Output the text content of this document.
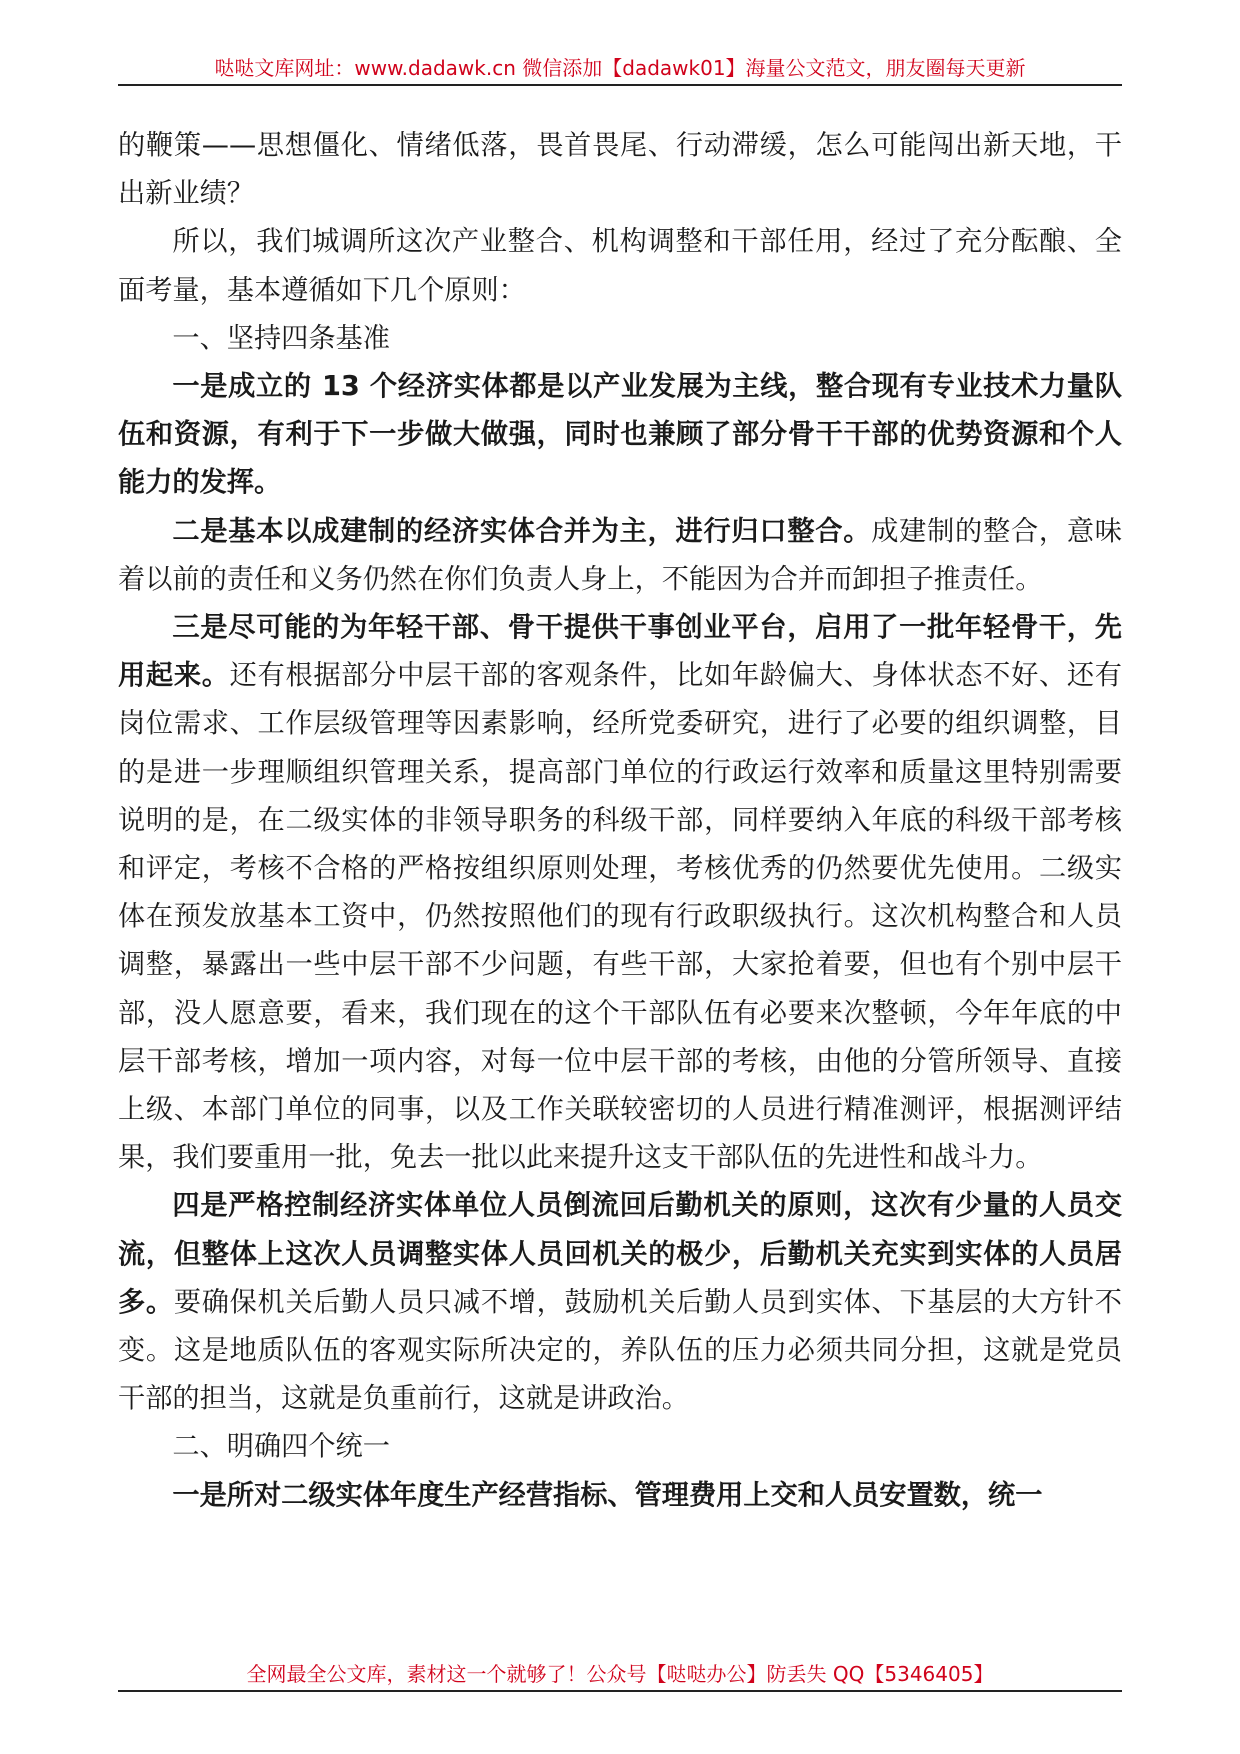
哒哒文库网址：www.dadawk.cn 微信添加【dadawk01】海量公文范文，朋友圈每天更新

的鞭策——思想僵化、情绪低落，畏首畏尾、行动滞缓，怎么可能闯出新天地，干出新业绩？

所以，我们城调所这次产业整合、机构调整和干部任用，经过了充分酝酿、全面考量，基本遵循如下几个原则：

一、坚持四条基准

一是成立的 13 个经济实体都是以产业发展为主线，整合现有专业技术力量队伍和资源，有利于下一步做大做强，同时也兼顾了部分骨干干部的优势资源和个人能力的发挥。

二是基本以成建制的经济实体合并为主，进行归口整合。成建制的整合，意味着以前的责任和义务仍然在你们负责人身上，不能因为合并而卸担子推责任。

三是尽可能的为年轻干部、骨干提供干事创业平台，启用了一批年轻骨干，先用起来。还有根据部分中层干部的客观条件，比如年龄偏大、身体状态不好、还有岗位需求、工作层级管理等因素影响，经所党委研究，进行了必要的组织调整，目的是进一步理顺组织管理关系，提高部门单位的行政运行效率和质量这里特别需要说明的是，在二级实体的非领导职务的科级干部，同样要纳入年底的科级干部考核和评定，考核不合格的严格按组织原则处理，考核优秀的仍然要优先使用。二级实体在预发放基本工资中，仍然按照他们的现有行政职级执行。这次机构整合和人员调整，暴露出一些中层干部不少问题，有些干部，大家抢着要，但也有个别中层干部，没人愿意要，看来，我们现在的这个干部队伍有必要来次整顿，今年年底的中层干部考核，增加一项内容，对每一位中层干部的考核，由他的分管所领导、直接上级、本部门单位的同事，以及工作关联较密切的人员进行精准测评，根据测评结果，我们要重用一批，免去一批以此来提升这支干部队伍的先进性和战斗力。

四是严格控制经济实体单位人员倒流回后勤机关的原则，这次有少量的人员交流，但整体上这次人员调整实体人员回机关的极少，后勤机关充实到实体的人员居多。要确保机关后勤人员只减不增，鼓励机关后勤人员到实体、下基层的大方针不变。这是地质队伍的客观实际所决定的，养队伍的压力必须共同分担，这就是党员干部的担当，这就是负重前行，这就是讲政治。

二、明确四个统一

一是所对二级实体年度生产经营指标、管理费用上交和人员安置数，统一

全网最全公文库，素材这一个就够了！公众号【哒哒办公】防丢失 QQ【5346405】
